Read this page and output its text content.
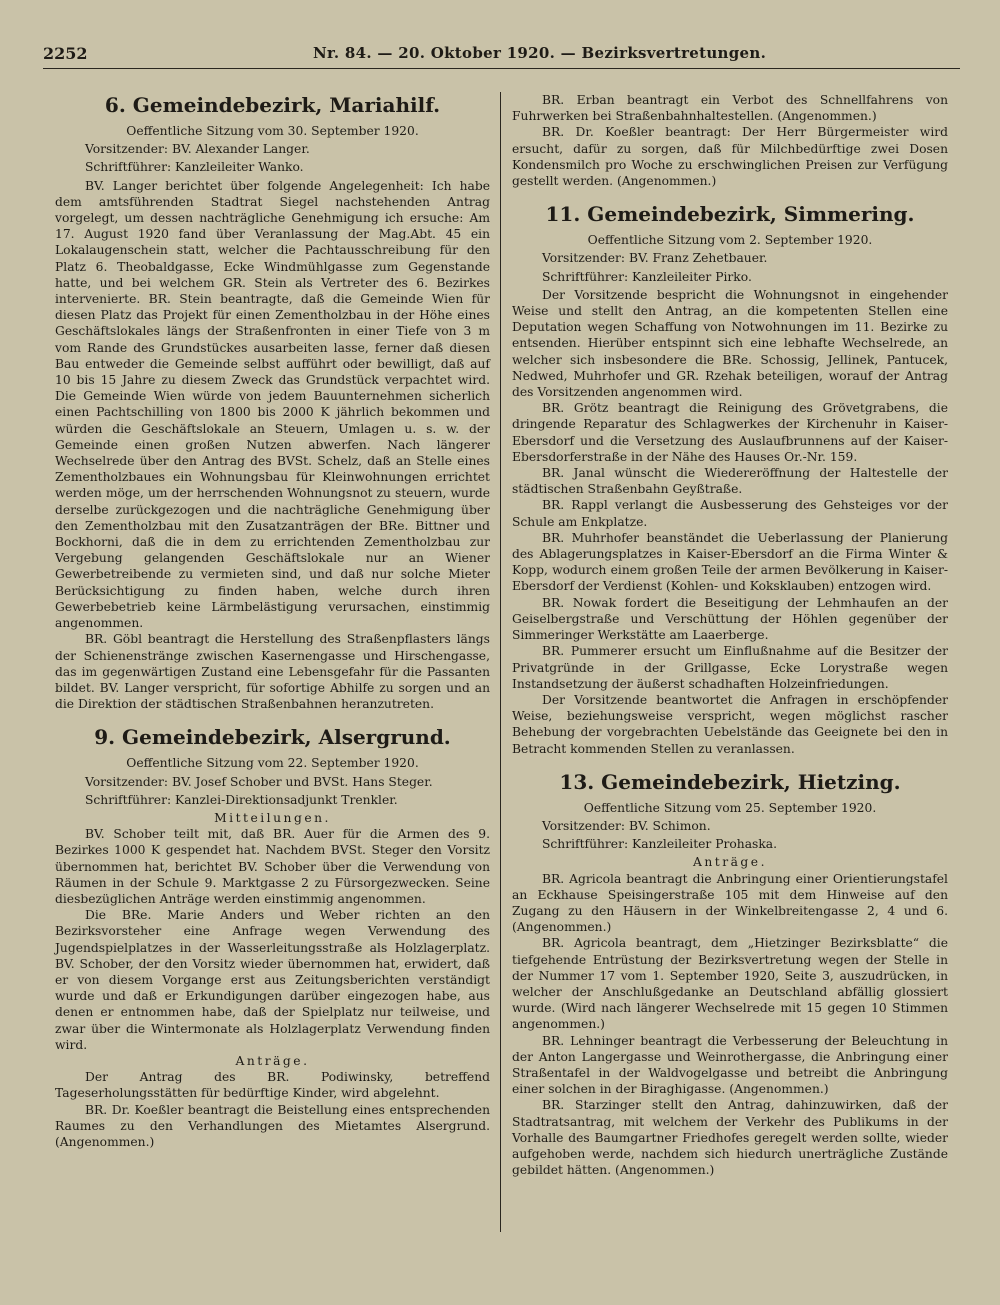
2252	Nr. 84. — 20. Oktober 1920. — Bezirksvertretungen.
6. Gemeindebezirk, Mariahilf.

Oeffentliche Sitzung vom 30. September 1920.

Vorsitzender: BV. Alexander Langer.

Schriftführer: Kanzleileiter Wanko.

BV. Langer berichtet über folgende Angelegenheit: Ich habe dem amtsführenden Stadtrat Siegel nachstehenden Antrag vorgelegt, um dessen nachträgliche Genehmigung ich ersuche: Am 17. August 1920 fand über Veranlassung der Mag.Abt. 45 ein Lokalaugenschein statt, welcher die Pachtausschreibung für den Platz 6. Theobaldgasse, Ecke Windmühlgasse zum Gegenstande hatte, und bei welchem GR. Stein als Vertreter des 6. Bezirkes intervenierte. BR. Stein beantragte, daß die Gemeinde Wien für diesen Platz das Projekt für einen Zementholzbau in der Höhe eines Geschäftslokales längs der Straßenfronten in einer Tiefe von 3 m vom Rande des Grundstückes ausarbeiten lasse, ferner daß diesen Bau entweder die Gemeinde selbst aufführt oder bewilligt, daß auf 10 bis 15 Jahre zu diesem Zweck das Grundstück verpachtet wird. Die Gemeinde Wien würde von jedem Bauunternehmen sicherlich einen Pachtschilling von 1800 bis 2000 K jährlich bekommen und würden die Geschäftslokale an Steuern, Umlagen u. s. w. der Gemeinde einen großen Nutzen abwerfen. Nach längerer Wechselrede über den Antrag des BVSt. Schelz, daß an Stelle eines Zementholzbaues ein Wohnungsbau für Kleinwohnungen errichtet werden möge, um der herrschenden Wohnungsnot zu steuern, wurde derselbe zurückgezogen und die nachträgliche Genehmigung über den Zementholzbau mit den Zusatzanträgen der BRe. Bittner und Bockhorni, daß die in dem zu errichtenden Zementholzbau zur Vergebung gelangenden Geschäftslokale nur an Wiener Gewerbetreibende zu vermieten sind, und daß nur solche Mieter Berücksichtigung zu finden haben, welche durch ihren Gewerbebetrieb keine Lärmbelästigung verursachen, einstimmig angenommen.

BR. Göbl beantragt die Herstellung des Straßenpflasters längs der Schienenstränge zwischen Kasernengasse und Hirschengasse, das im gegenwärtigen Zustand eine Lebensgefahr für die Passanten bildet. BV. Langer verspricht, für sofortige Abhilfe zu sorgen und an die Direktion der städtischen Straßenbahnen heranzutreten.

9. Gemeindebezirk, Alsergrund.

Oeffentliche Sitzung vom 22. September 1920.

Vorsitzender: BV. Josef Schober und BVSt. Hans Steger.

Schriftführer: Kanzlei-Direktionsadjunkt Trenkler.

Mitteilungen.

BV. Schober teilt mit, daß BR. Auer für die Armen des 9. Bezirkes 1000 K gespendet hat. Nachdem BVSt. Steger den Vorsitz übernommen hat, berichtet BV. Schober über die Verwendung von Räumen in der Schule 9. Marktgasse 2 zu Fürsorgezwecken. Seine diesbezüglichen Anträge werden einstimmig angenommen.

Die BRe. Marie Anders und Weber richten an den Bezirksvorsteher eine Anfrage wegen Verwendung des Jugendspielplatzes in der Wasserleitungsstraße als Holzlagerplatz. BV. Schober, der den Vorsitz wieder übernommen hat, erwidert, daß er von diesem Vorgange erst aus Zeitungsberichten verständigt wurde und daß er Erkundigungen darüber eingezogen habe, aus denen er entnommen habe, daß der Spielplatz nur teilweise, und zwar über die Wintermonate als Holzlagerplatz Verwendung finden wird.

Anträge.

Der Antrag des BR. Podiwinsky, betreffend Tageserholungsstätten für bedürftige Kinder, wird abgelehnt.

BR. Dr. Koeßler beantragt die Beistellung eines entsprechenden Raumes zu den Verhandlungen des Mietamtes Alsergrund. (Angenommen.)

BR. Erban beantragt ein Verbot des Schnellfahrens von Fuhrwerken bei Straßenbahnhaltestellen. (Angenommen.)

BR. Dr. Koeßler beantragt: Der Herr Bürgermeister wird ersucht, dafür zu sorgen, daß für Milchbedürftige zwei Dosen Kondensmilch pro Woche zu erschwinglichen Preisen zur Verfügung gestellt werden. (Angenommen.)

11. Gemeindebezirk, Simmering.

Oeffentliche Sitzung vom 2. September 1920.

Vorsitzender: BV. Franz Zehetbauer.

Schriftführer: Kanzleileiter Pirko.

Der Vorsitzende bespricht die Wohnungsnot in eingehender Weise und stellt den Antrag, an die kompetenten Stellen eine Deputation wegen Schaffung von Notwohnungen im 11. Bezirke zu entsenden. Hierüber entspinnt sich eine lebhafte Wechselrede, an welcher sich insbesondere die BRe. Schossig, Jellinek, Pantucek, Nedwed, Muhrhofer und GR. Rzehak beteiligen, worauf der Antrag des Vorsitzenden angenommen wird.

BR. Grötz beantragt die Reinigung des Grövetgrabens, die dringende Reparatur des Schlagwerkes der Kirchenuhr in Kaiser-Ebersdorf und die Versetzung des Auslaufbrunnens auf der Kaiser-Ebersdorferstraße in der Nähe des Hauses Or.-Nr. 159.

BR. Janal wünscht die Wiedereröffnung der Haltestelle der städtischen Straßenbahn Geyßtraße.

BR. Rappl verlangt die Ausbesserung des Gehsteiges vor der Schule am Enkplatze.

BR. Muhrhofer beanständet die Ueberlassung der Planierung des Ablagerungsplatzes in Kaiser-Ebersdorf an die Firma Winter & Kopp, wodurch einem großen Teile der armen Bevölkerung in Kaiser-Ebersdorf der Verdienst (Kohlen- und Koksklauben) entzogen wird.

BR. Nowak fordert die Beseitigung der Lehmhaufen an der Geiselbergstraße und Verschüttung der Höhlen gegenüber der Simmeringer Werkstätte am Laaerberge.

BR. Pummerer ersucht um Einflußnahme auf die Besitzer der Privatgründe in der Grillgasse, Ecke Lorystraße wegen Instandsetzung der äußerst schadhaften Holzeinfriedungen.

Der Vorsitzende beantwortet die Anfragen in erschöpfender Weise, beziehungsweise verspricht, wegen möglichst rascher Behebung der vorgebrachten Uebelstände das Geeignete bei den in Betracht kommenden Stellen zu veranlassen.

13. Gemeindebezirk, Hietzing.

Oeffentliche Sitzung vom 25. September 1920.

Vorsitzender: BV. Schimon.

Schriftführer: Kanzleileiter Prohaska.

Anträge.

BR. Agricola beantragt die Anbringung einer Orientierungstafel an Eckhause Speisingerstraße 105 mit dem Hinweise auf den Zugang zu den Häusern in der Winkelbreitengasse 2, 4 und 6. (Angenommen.)

BR. Agricola beantragt, dem „Hietzinger Bezirksblatte“ die tiefgehende Entrüstung der Bezirksvertretung wegen der Stelle in der Nummer 17 vom 1. September 1920, Seite 3, auszudrücken, in welcher der Anschlußgedanke an Deutschland abfällig glossiert wurde. (Wird nach längerer Wechselrede mit 15 gegen 10 Stimmen angenommen.)

BR. Lehninger beantragt die Verbesserung der Beleuchtung in der Anton Langergasse und Weinrothergasse, die Anbringung einer Straßentafel in der Waldvogelgasse und betreibt die Anbringung einer solchen in der Biraghigasse. (Angenommen.)

BR. Starzinger stellt den Antrag, dahinzuwirken, daß der Stadtratsantrag, mit welchem der Verkehr des Publikums in der Vorhalle des Baumgartner Friedhofes geregelt werden sollte, wieder aufgehoben werde, nachdem sich hiedurch unerträgliche Zustände gebildet hätten. (Angenommen.)
